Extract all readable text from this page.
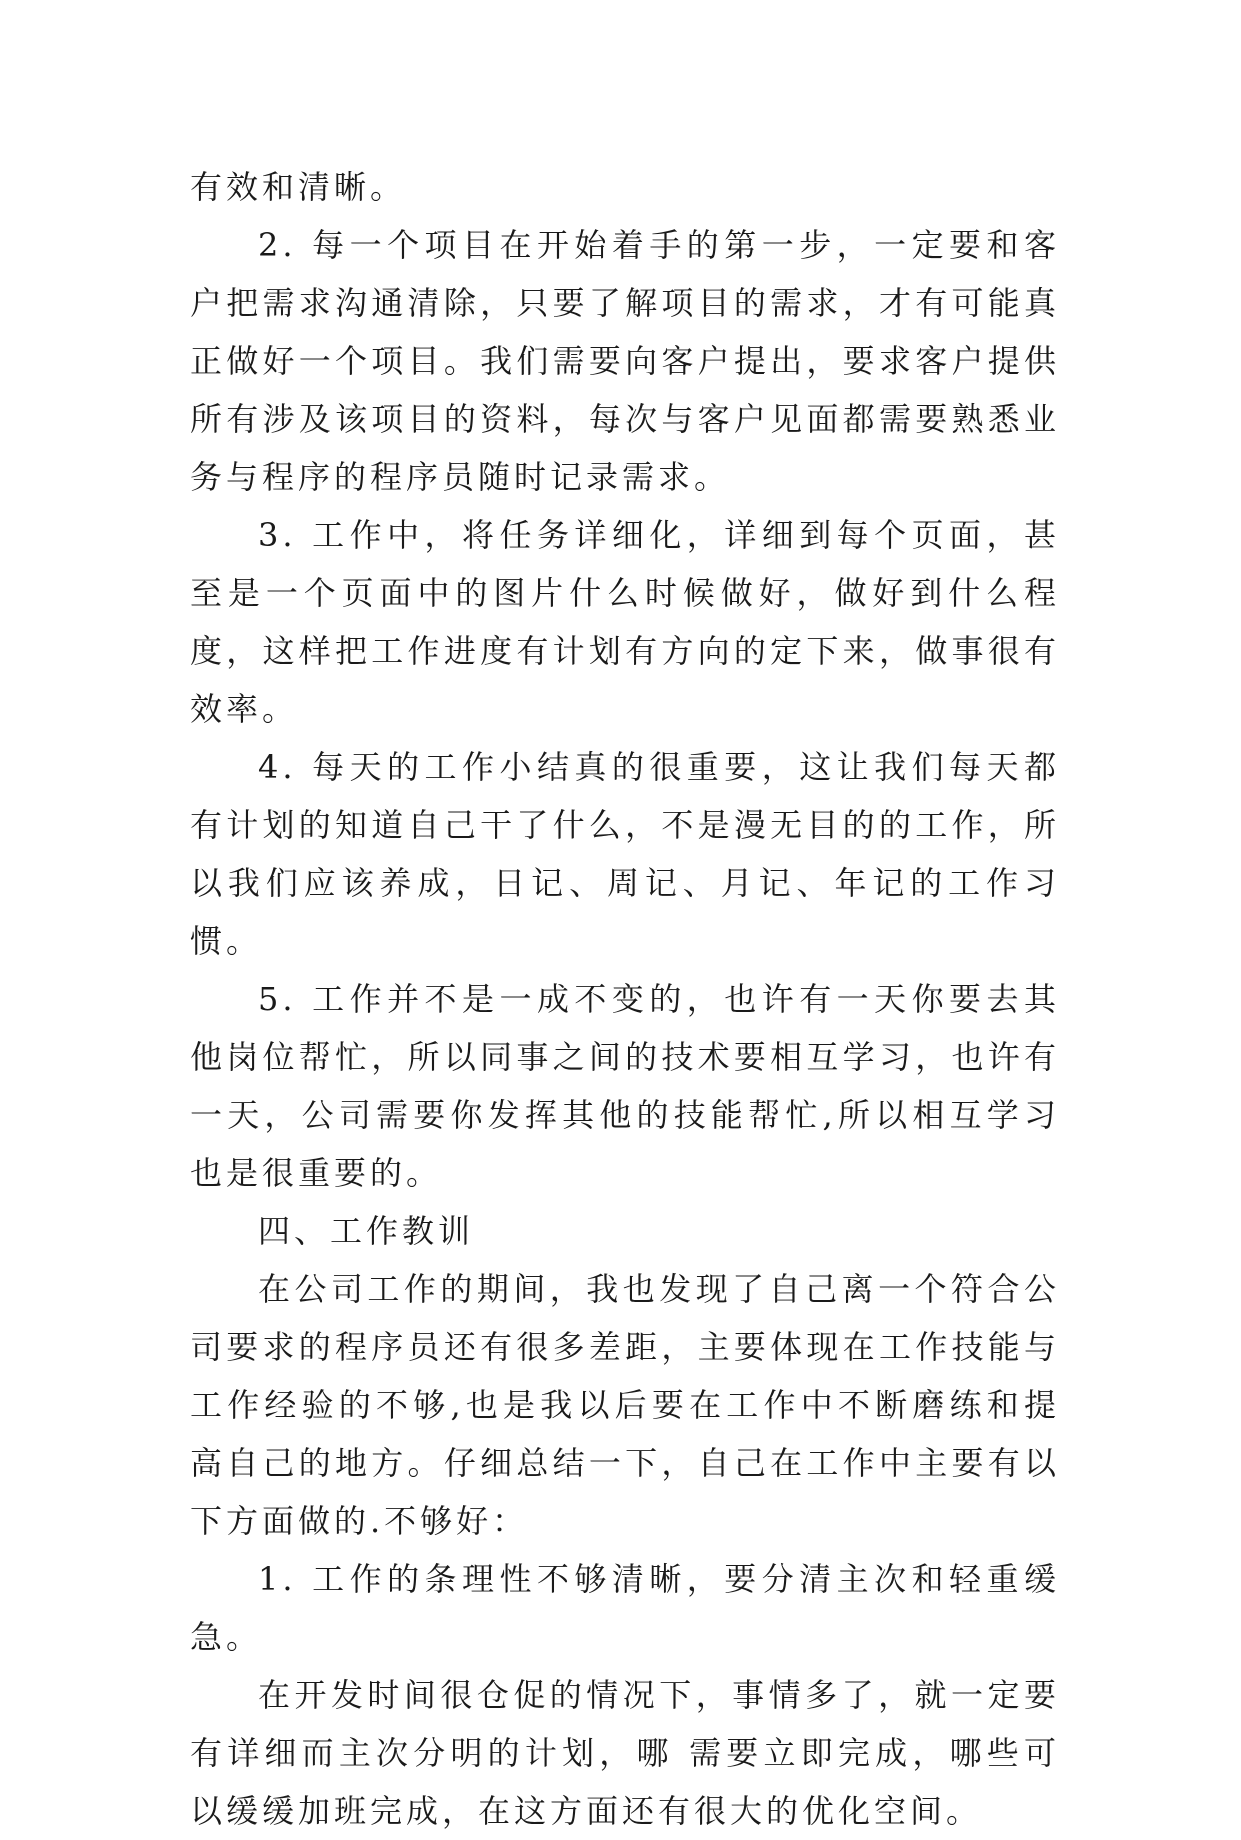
有效和清晰。

2. 每一个项目在开始着手的第一步，一定要和客户把需求沟通清除，只要了解项目的需求，才有可能真正做好一个项目。我们需要向客户提出，要求客户提供所有涉及该项目的资料，每次与客户见面都需要熟悉业务与程序的程序员随时记录需求。

3. 工作中，将任务详细化，详细到每个页面，甚至是一个页面中的图片什么时候做好，做好到什么程度，这样把工作进度有计划有方向的定下来，做事很有效率。

4. 每天的工作小结真的很重要，这让我们每天都有计划的知道自己干了什么，不是漫无目的的工作，所以我们应该养成，日记、周记、月记、年记的工作习惯。

5. 工作并不是一成不变的，也许有一天你要去其他岗位帮忙，所以同事之间的技术要相互学习，也许有一天，公司需要你发挥其他的技能帮忙,所以相互学习也是很重要的。

四、工作教训

在公司工作的期间，我也发现了自己离一个符合公司要求的程序员还有很多差距，主要体现在工作技能与工作经验的不够,也是我以后要在工作中不断磨练和提高自己的地方。仔细总结一下，自己在工作中主要有以下方面做的.不够好：

1. 工作的条理性不够清晰，要分清主次和轻重缓急。

在开发时间很仓促的情况下，事情多了，就一定要有详细而主次分明的计划，哪 需要立即完成，哪些可以缓缓加班完成，在这方面还有很大的优化空间。
